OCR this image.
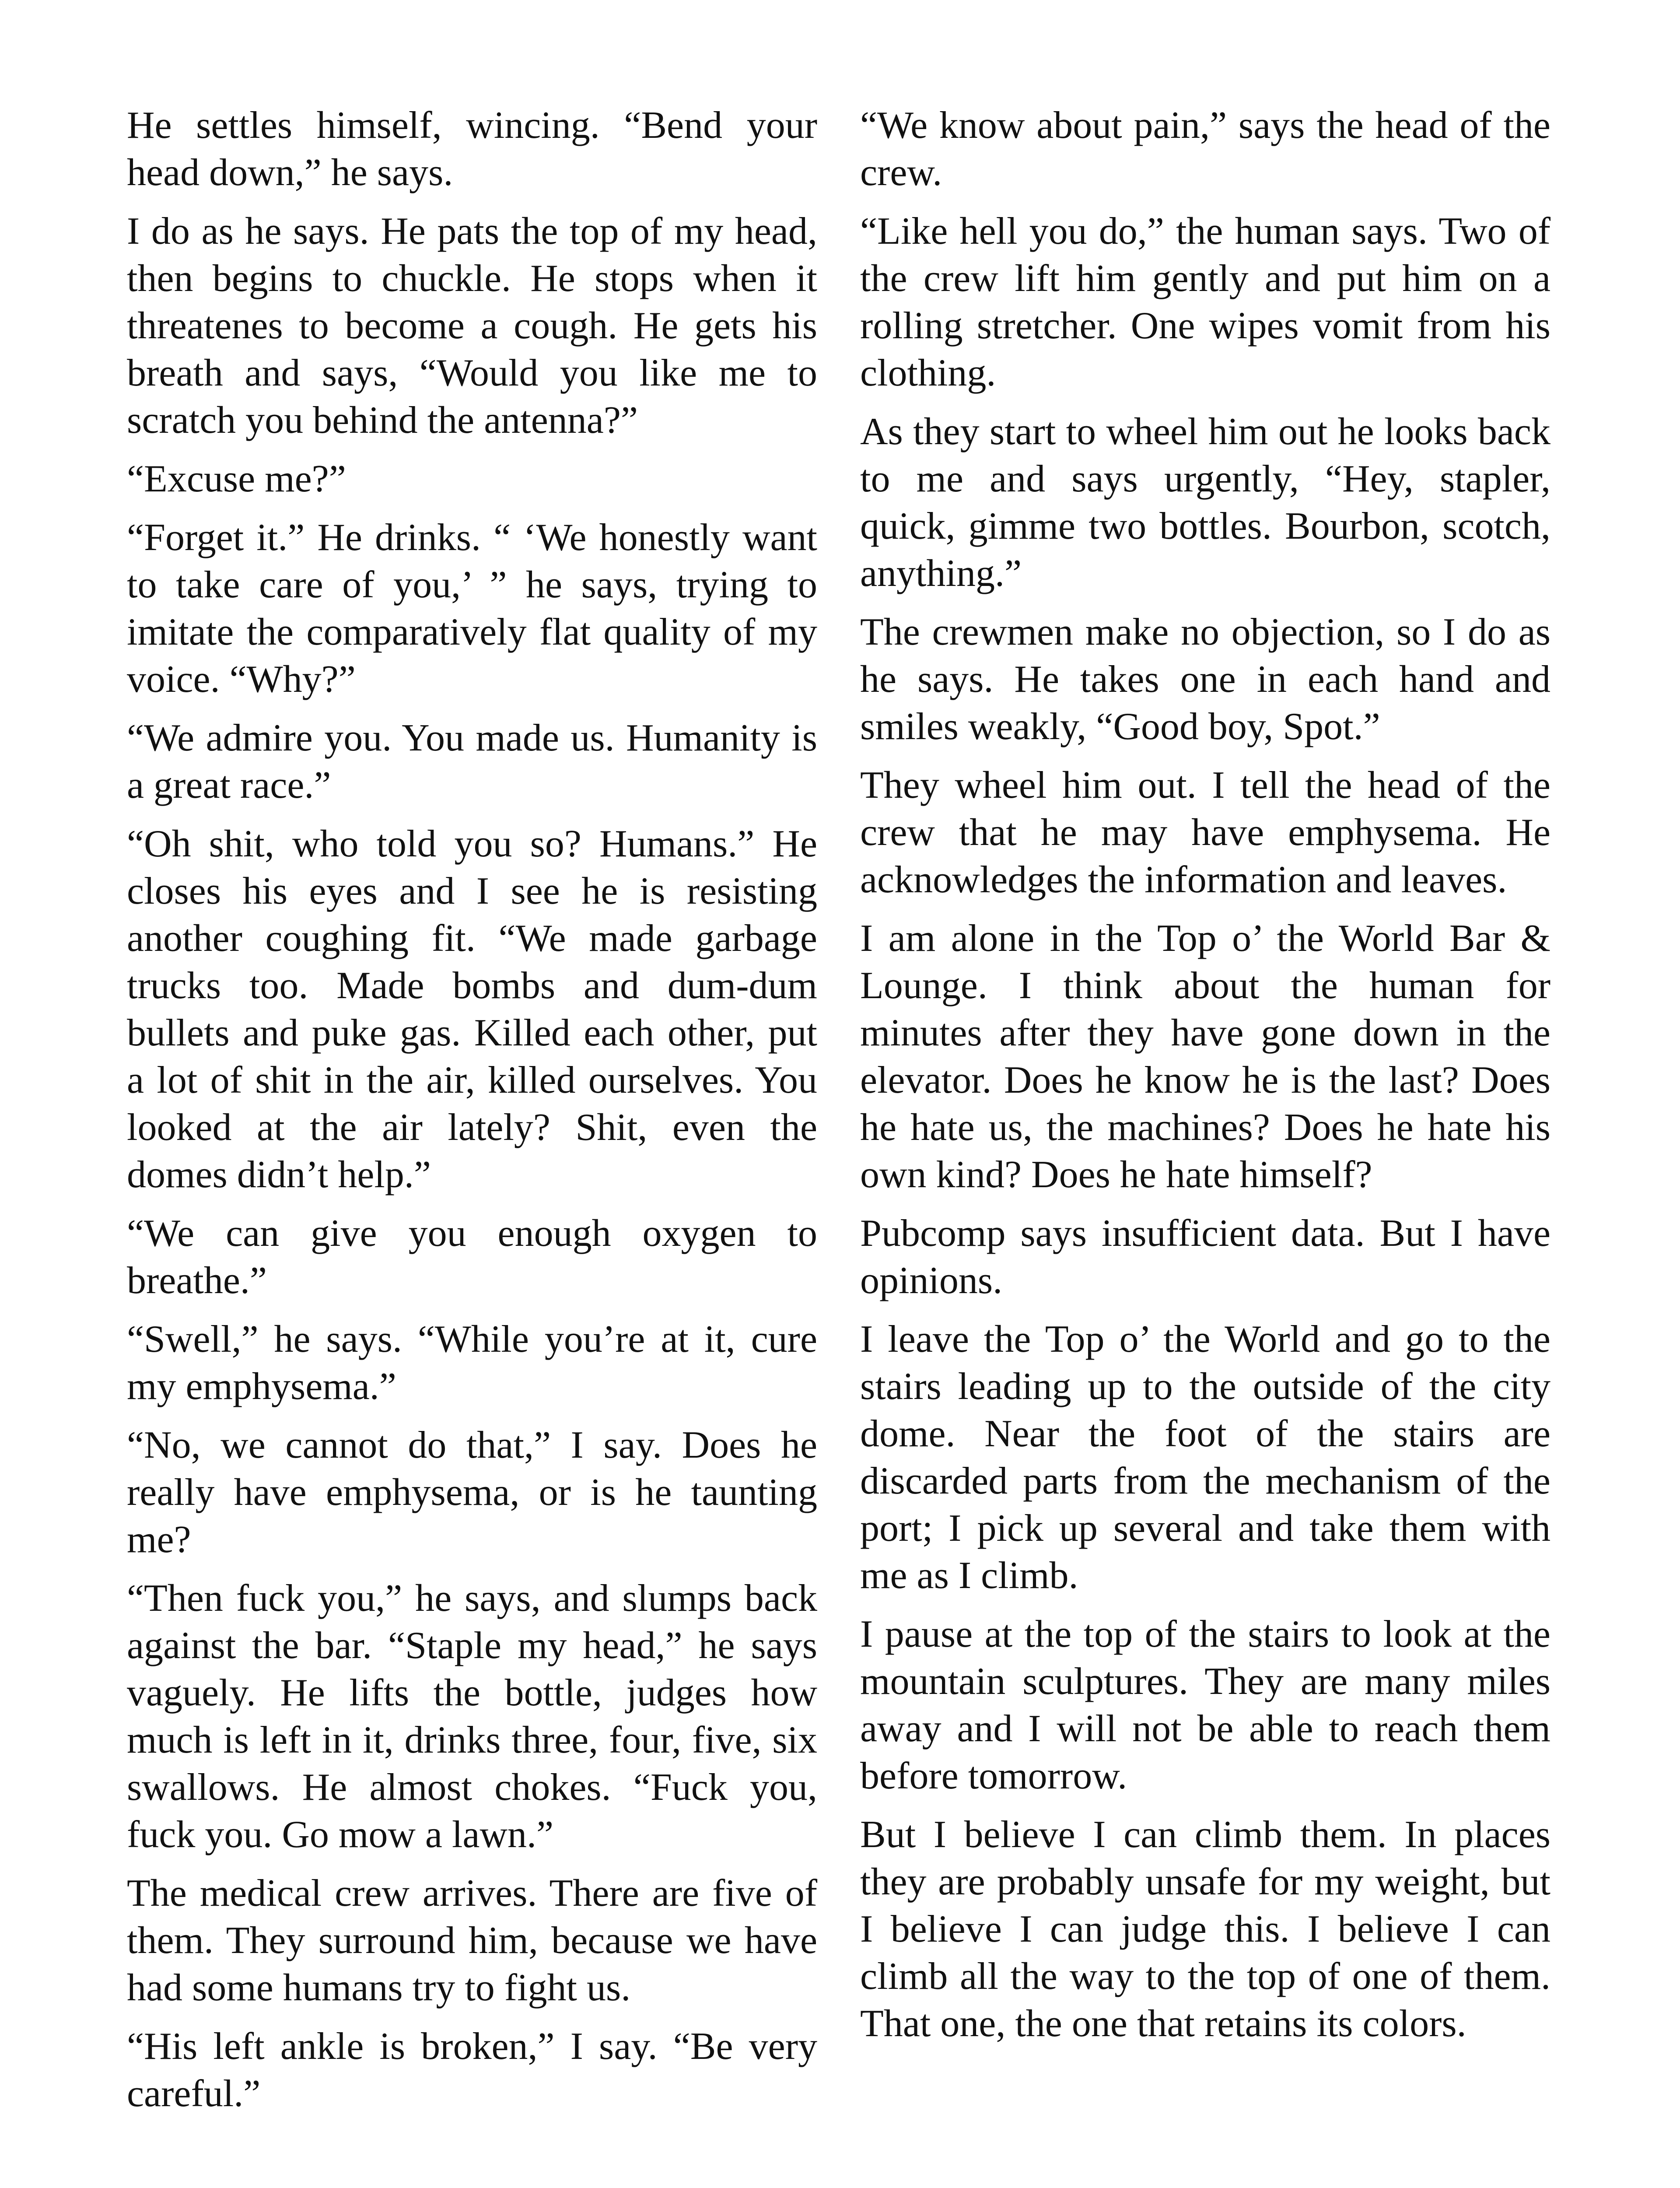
He settles himself, wincing. “Bend your head down,” he says.

I do as he says. He pats the top of my head, then begins to chuckle. He stops when it threatenes to become a cough. He gets his breath and says, “Would you like me to scratch you behind the antenna?”

“Excuse me?”

“Forget it.” He drinks. “ ‘We honestly want to take care of you,’ ” he says, trying to imitate the comparatively flat quality of my voice. “Why?”

“We admire you. You made us. Humanity is a great race.”

“Oh shit, who told you so? Humans.” He closes his eyes and I see he is resisting another coughing fit. “We made garbage trucks too. Made bombs and dum-dum bullets and puke gas. Killed each other, put a lot of shit in the air, killed ourselves. You looked at the air lately? Shit, even the domes didn’t help.”

“We can give you enough oxygen to breathe.”

“Swell,” he says. “While you’re at it, cure my emphysema.”

“No, we cannot do that,” I say. Does he really have emphysema, or is he taunting me?

“Then fuck you,” he says, and slumps back against the bar. “Staple my head,” he says vaguely. He lifts the bottle, judges how much is left in it, drinks three, four, five, six swallows. He almost chokes. “Fuck you, fuck you. Go mow a lawn.”

The medical crew arrives. There are five of them. They surround him, because we have had some humans try to fight us.

“His left ankle is broken,” I say. “Be very careful.”

“We know about pain,” says the head of the crew.

“Like hell you do,” the human says. Two of the crew lift him gently and put him on a rolling stretcher. One wipes vomit from his clothing.

As they start to wheel him out he looks back to me and says urgently, “Hey, stapler, quick, gimme two bottles. Bourbon, scotch, anything.”

The crewmen make no objection, so I do as he says. He takes one in each hand and smiles weakly, “Good boy, Spot.”

They wheel him out. I tell the head of the crew that he may have emphysema. He acknowledges the information and leaves.

I am alone in the Top o’ the World Bar & Lounge. I think about the human for minutes after they have gone down in the elevator. Does he know he is the last? Does he hate us, the machines? Does he hate his own kind? Does he hate himself?

Pubcomp says insufficient data. But I have opinions.

I leave the Top o’ the World and go to the stairs leading up to the outside of the city dome. Near the foot of the stairs are discarded parts from the mechanism of the port; I pick up several and take them with me as I climb.

I pause at the top of the stairs to look at the mountain sculptures. They are many miles away and I will not be able to reach them before tomorrow.

But I believe I can climb them. In places they are probably unsafe for my weight, but I believe I can judge this. I believe I can climb all the way to the top of one of them. That one, the one that retains its colors.
